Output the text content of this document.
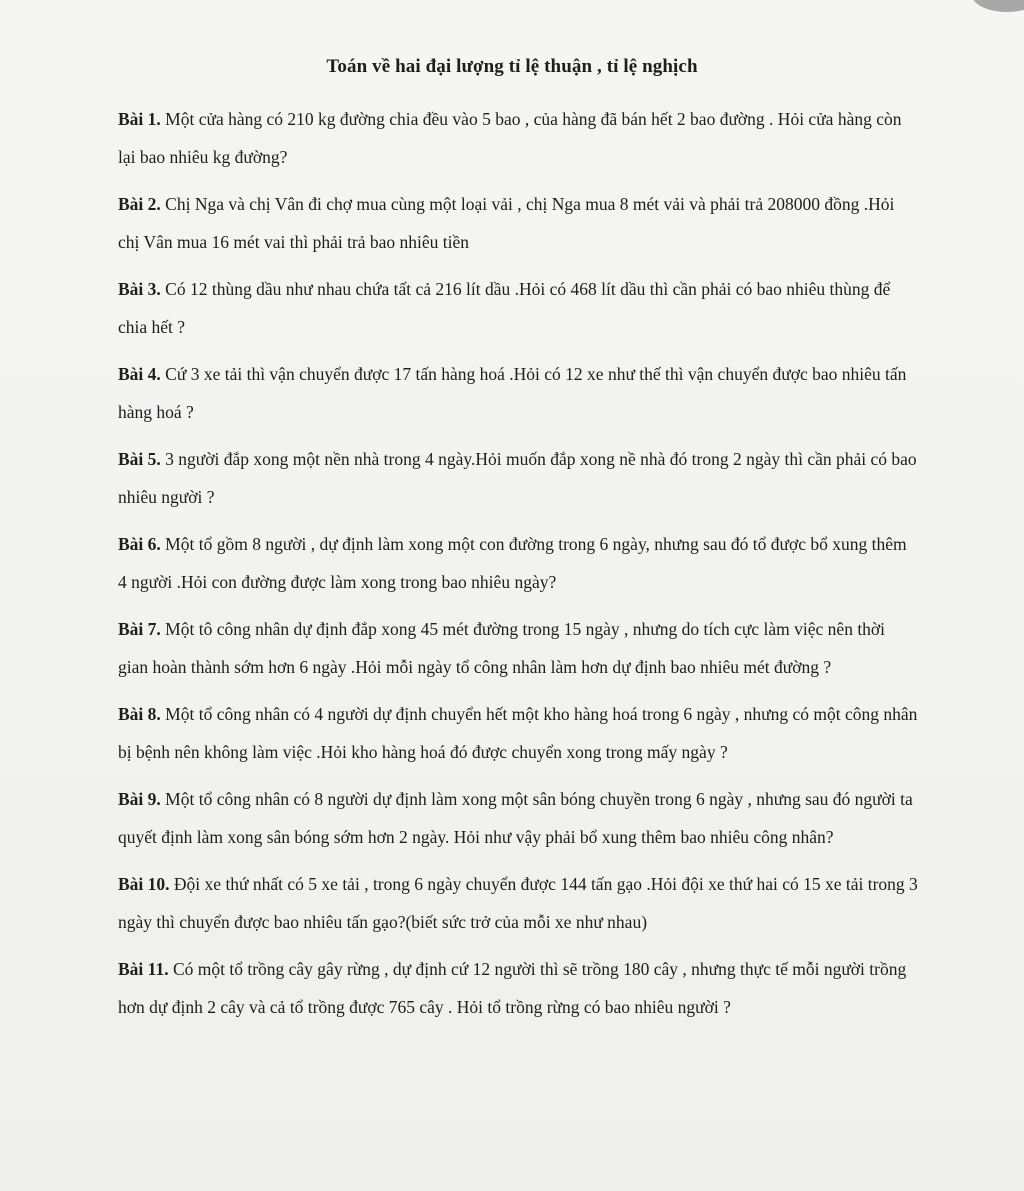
Toán về hai đại lượng tỉ lệ thuận , tỉ lệ nghịch

Bài 1. Một cửa hàng có 210 kg đường chia đều vào 5 bao , của hàng đã bán hết 2 bao đường . Hỏi cửa hàng còn lại bao nhiêu kg đường?

Bài 2. Chị Nga và chị Vân đi chợ mua cùng một loại vải , chị Nga mua 8 mét vải và phải trả 208000 đồng .Hỏi chị Vân mua 16 mét vai thì phải trả bao nhiêu tiền

Bài 3. Có 12 thùng dầu như nhau chứa tất cả 216 lít dầu .Hỏi có 468 lít dầu thì cần phải có bao nhiêu thùng để chia hết ?

Bài 4. Cứ 3 xe tải thì vận chuyển được 17 tấn hàng hoá .Hỏi có 12 xe như thế thì vận chuyển được bao nhiêu tấn hàng hoá ?

Bài 5. 3 người đắp xong một nền nhà trong 4 ngày.Hỏi muốn đắp xong nề nhà đó trong 2 ngày thì cần phải có bao nhiêu người ?

Bài 6. Một tổ gồm 8 người , dự định làm xong một con đường trong 6 ngày, nhưng sau đó tổ được bổ xung thêm 4 người .Hỏi con đường được làm xong trong bao nhiêu ngày?

Bài 7. Một tô công nhân dự định đắp xong 45 mét đường trong 15 ngày , nhưng do tích cực làm việc nên thời gian hoàn thành sớm hơn 6 ngày .Hỏi mỗi ngày tổ công nhân làm hơn dự định bao nhiêu mét đường ?

Bài 8. Một tổ công nhân có 4 người dự định chuyển hết một kho hàng hoá trong 6 ngày , nhưng có một công nhân bị bệnh nên không làm việc .Hỏi kho hàng hoá đó được chuyển xong trong mấy ngày ?

Bài 9. Một tổ công nhân có 8 người dự định làm xong một sân bóng chuyền trong 6 ngày , nhưng sau đó người ta quyết định làm xong sân bóng sớm hơn 2 ngày. Hỏi như vậy phải bổ xung thêm bao nhiêu công nhân?

Bài 10. Đội xe thứ nhất có 5 xe tải , trong 6 ngày chuyển được 144 tấn gạo .Hỏi đội xe thứ hai có 15 xe tải trong 3 ngày thì chuyển được bao nhiêu tấn gạo?(biết sức trở của mỗi xe như nhau)

Bài 11. Có một tổ trồng cây gây rừng , dự định cứ 12 người thì sẽ trồng 180 cây , nhưng thực tế mỗi người trồng hơn dự định 2 cây và cả tổ trồng được 765 cây . Hỏi tổ trồng rừng có bao nhiêu người ?
